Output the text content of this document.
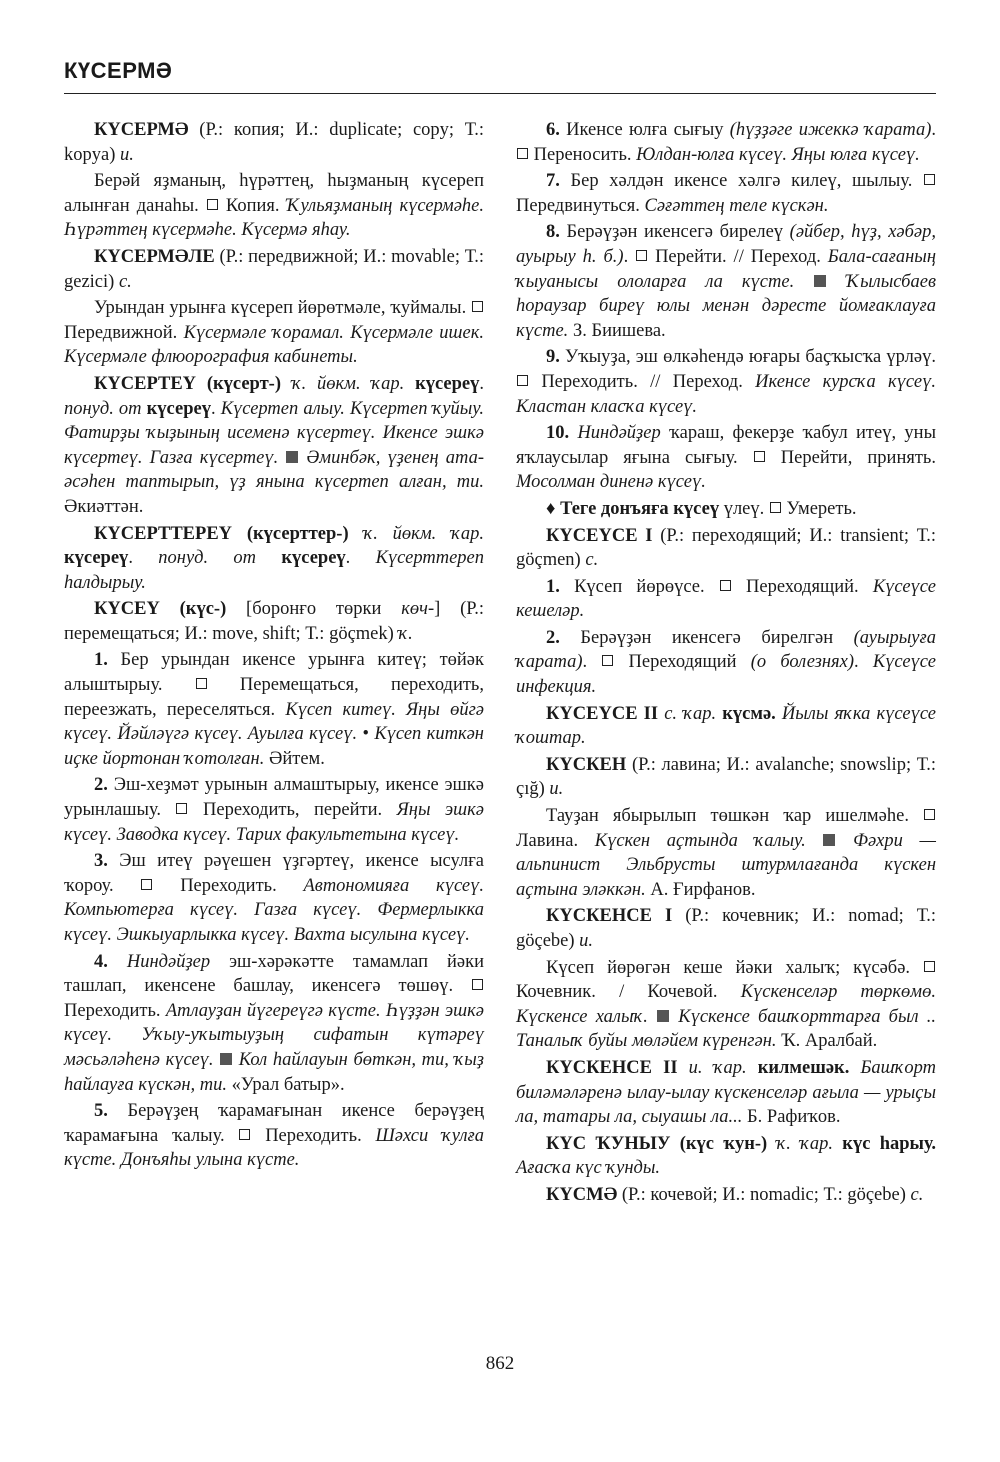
КҮСЕРМӘ

КҮСЕРМӘ (Р.: копия; И.: duplicate; copy; Т.: kopya) и.

Берәй яҙманың, һүрәттең, һыҙманың күсереп алынған данаһы.  Копия. Ҡульяҙманың күсермәһе. Һүрәттең күсермәһе. Күсермә яһау.

КҮСЕРМӘЛЕ (Р.: передвижной; И.: movable; Т.: gezici) с.

Урындан урынға күсереп йөрөтмәле, ҡуймалы.  Передвижной. Күсермәле ҡорамал. Күсермәле ишек. Күсермәле флюорография кабинеты.

КҮСЕРТЕҮ (күсерт-) ҡ. йөкм. ҡар. күсереү. понуд. от күсереү. Күсертеп алыу. Күсертеп ҡуйыу. Фатирҙы ҡыҙының исеменә күсертеү. Икенсе эшкә күсертеү. Газға күсертеү.  Әминбәк, үҙенең ата-әсәһен таптырып, үҙ янына күсертеп алған, ти. Әкиәттән.

КҮСЕРТТЕРЕҮ (күсерттер-) ҡ. йөкм. ҡар. күсереү. понуд. от күсереү. Күсерттереп һалдырыу.

КҮСЕҮ (күс-) [боронғо төрки көч-] (Р.: перемещаться; И.: move, shift; Т.: göçmek) ҡ.

1. Бер урындан икенсе урынға китеү; төйәк алыштырыу.  Перемещаться, переходить, переезжать, переселяться. Күсеп китеү. Яңы өйгә күсеү. Йәйләүгә күсеү. Ауылға күсеү. • Күсеп киткән иҫке йортонан ҡотолған. Әйтем.

2. Эш-хеҙмәт урынын алмаштырыу, икенсе эшкә урынлашыу.  Переходить, перейти. Яңы эшкә күсеү. Заводка күсеү. Тарих факультетына күсеү.

3. Эш итеү рәүешен үҙгәртеү, икенсе ысулға ҡороу.  Переходить. Автономияға күсеү. Компьютерға күсеү. Газға күсеү. Фермерлыкка күсеү. Эшкыуарлыкка күсеү. Вахта ысулына күсеү.

4. Ниндәйҙер эш-хәрәкәтте тамамлап йәки ташлап, икенсене башлау, икенсегә төшөү.  Переходить. Атлауҙан йүгереүгә күсте. Һүҙҙән эшкә күсеү. Уҡыу-уҡытыуҙың сифатын күтәреү мәсьәләһенә күсеү.  Кол һайлауын бөткән, ти, ҡыҙ һайлауға күскән, ти. «Урал батыр».

5. Берәүҙең ҡарамағынан икенсе берәүҙең ҡарамағына ҡалыу.  Переходить. Шәхси ҡулға күсте. Донъяһы улына күсте.

6. Икенсе юлға сығыу (һүҙҙәге ижеккә ҡарата).  Переносить. Юлдан-юлға күсеү. Яңы юлға күсеү.

7. Бер хәлдән икенсе хәлгә килеү, шылыу.  Передвинуться. Сәғәттең теле күскән.

8. Берәүҙән икенсегә бирелеү (әйбер, һүҙ, хәбәр, ауырыу һ. б.).  Перейти. // Переход. Бала-сағаның ҡыуанысы ололарға ла күсте.  Ҡылысбаев һораузар биреү юлы менән дәресте йомғаклауға күсте. З. Биишева.

9. Уҡыуҙа, эш өлкәһендә юғары баҫҡысҡа үрләү.  Переходить. // Переход. Икенсе курсҡа күсеү. Кластан класҡа күсеү.

10. Ниндәйҙер ҡараш, фекерҙе ҡабул итеү, уны яҡлаусылар яғына сығыу.  Перейти, принять. Мосолман диненә күсеү.

♦ Теге донъяға күсеү үлеү.  Умереть.

КҮСЕҮСЕ I (Р.: переходящий; И.: transient; Т.: göçmen) с.

1. Күсеп йөрөүсе.  Переходящий. Күсеүсе кешеләр.

2. Берәүҙән икенсегә бирелгән (ауырыуға ҡарата).  Переходящий (о болезнях). Күсеүсе инфекция.

КҮСЕҮСЕ II с. ҡар. күсмә. Йылы яҡка күсеүсе ҡоштар.

КҮСКЕН (Р.: лавина; И.: avalanche; snowslip; Т.: çığ) и.

Тауҙан ябырылып төшкән ҡар ишелмәһе.  Лавина. Күскен аҫтында ҡалыу.  Фәхри — альпинист Эльбрусты штурмлағанда күскен аҫтына эләккән. А. Ғирфанов.

КҮСКЕНСЕ I (Р.: кочевник; И.: nomad; Т.: göçebe) и.

Күсеп йөрөгән кеше йәки халыҡ; күсәбә.  Кочевник. / Кочевой. Күскенселәр төркөмө. Күскенсе халыҡ.  Күскенсе башҡорттарға был .. Таналыҡ буйы мөләйем күренгән. Ҡ. Аралбай.

КҮСКЕНСЕ II и. ҡар. килмешәк. Башҡорт биләмәләренә ылау-ылау күскенселәр ағыла — урыҫы ла, татары ла, сыуашы ла... Б. Рафиҡов.

КҮС ҠУНЫУ (күс ҡун-) ҡ. ҡар. күс һарыу. Ағасҡа күс ҡунды.

КҮСМӘ (Р.: кочевой; И.: nomadic; Т.: göçebe) с.

862
